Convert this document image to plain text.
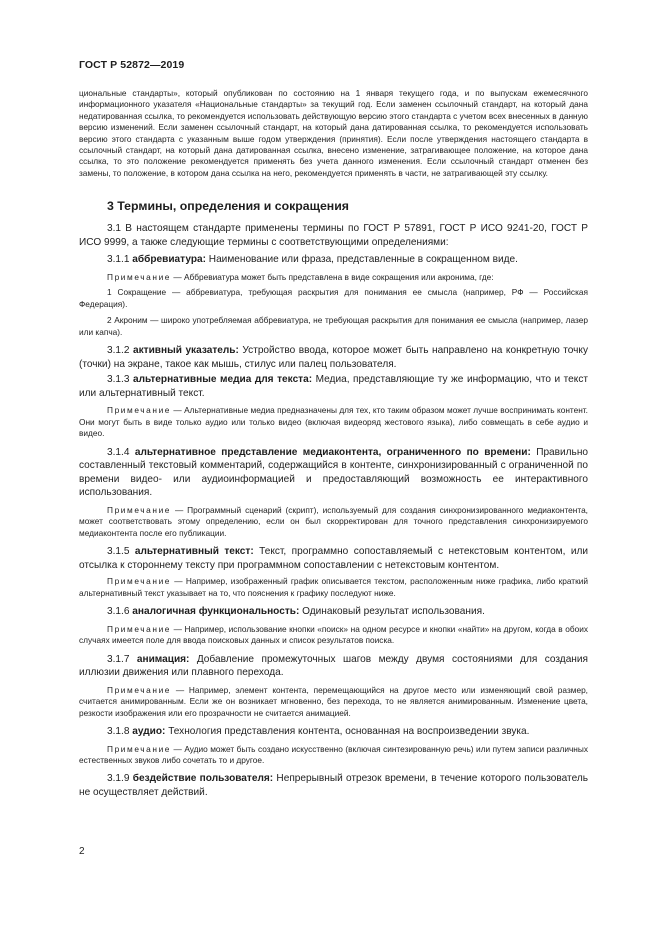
ГОСТ Р 52872—2019

циональные стандарты», который опубликован по состоянию на 1 января текущего года, и по выпускам ежемесячного информационного указателя «Национальные стандарты» за текущий год. Если заменен ссылочный стандарт, на который дана недатированная ссылка, то рекомендуется использовать действующую версию этого стандарта с учетом всех внесенных в данную версию изменений. Если заменен ссылочный стандарт, на который дана датированная ссылка, то рекомендуется использовать версию этого стандарта с указанным выше годом утверждения (принятия). Если после утверждения настоящего стандарта в ссылочный стандарт, на который дана датированная ссылка, внесено изменение, затрагивающее положение, на которое дана ссылка, то это положение рекомендуется применять без учета данного изменения. Если ссылочный стандарт отменен без замены, то положение, в котором дана ссылка на него, рекомендуется применять в части, не затрагивающей эту ссылку.

3 Термины, определения и сокращения

3.1 В настоящем стандарте применены термины по ГОСТ Р 57891, ГОСТ Р ИСО 9241-20, ГОСТ Р ИСО 9999, а также следующие термины с соответствующими определениями:

3.1.1 аббревиатура: Наименование или фраза, представленные в сокращенном виде.

Примечание — Аббревиатура может быть представлена в виде сокращения или акронима, где:

1 Сокращение — аббревиатура, требующая раскрытия для понимания ее смысла (например, РФ — Российская Федерация).

2 Акроним — широко употребляемая аббревиатура, не требующая раскрытия для понимания ее смысла (например, лазер или капча).

3.1.2 активный указатель: Устройство ввода, которое может быть направлено на конкретную точку (точки) на экране, такое как мышь, стилус или палец пользователя.

3.1.3 альтернативные медиа для текста: Медиа, представляющие ту же информацию, что и текст или альтернативный текст.

Примечание — Альтернативные медиа предназначены для тех, кто таким образом может лучше воспринимать контент. Они могут быть в виде только аудио или только видео (включая видеоряд жестового языка), либо совмещать в себе аудио и видео.

3.1.4 альтернативное представление медиаконтента, ограниченного по времени: Правильно составленный текстовый комментарий, содержащийся в контенте, синхронизированный с ограниченной по времени видео- или аудиоинформацией и предоставляющий возможность ее интерактивного использования.

Примечание — Программный сценарий (скрипт), используемый для создания синхронизированного медиаконтента, может соответствовать этому определению, если он был скорректирован для точного представления синхронизируемого медиаконтента после его публикации.

3.1.5 альтернативный текст: Текст, программно сопоставляемый с нетекстовым контентом, или отсылка к стороннему тексту при программном сопоставлении с нетекстовым контентом.

Примечание — Например, изображенный график описывается текстом, расположенным ниже графика, либо краткий альтернативный текст указывает на то, что пояснения к графику последуют ниже.

3.1.6 аналогичная функциональность: Одинаковый результат использования.

Примечание — Например, использование кнопки «поиск» на одном ресурсе и кнопки «найти» на другом, когда в обоих случаях имеется поле для ввода поисковых данных и список результатов поиска.

3.1.7 анимация: Добавление промежуточных шагов между двумя состояниями для создания иллюзии движения или плавного перехода.

Примечание — Например, элемент контента, перемещающийся на другое место или изменяющий свой размер, считается анимированным. Если же он возникает мгновенно, без перехода, то не является анимированным. Изменение цвета, резкости изображения или его прозрачности не считается анимацией.

3.1.8 аудио: Технология представления контента, основанная на воспроизведении звука.

Примечание — Аудио может быть создано искусственно (включая синтезированную речь) или путем записи различных естественных звуков либо сочетать то и другое.

3.1.9 бездействие пользователя: Непрерывный отрезок времени, в течение которого пользователь не осуществляет действий.

2
